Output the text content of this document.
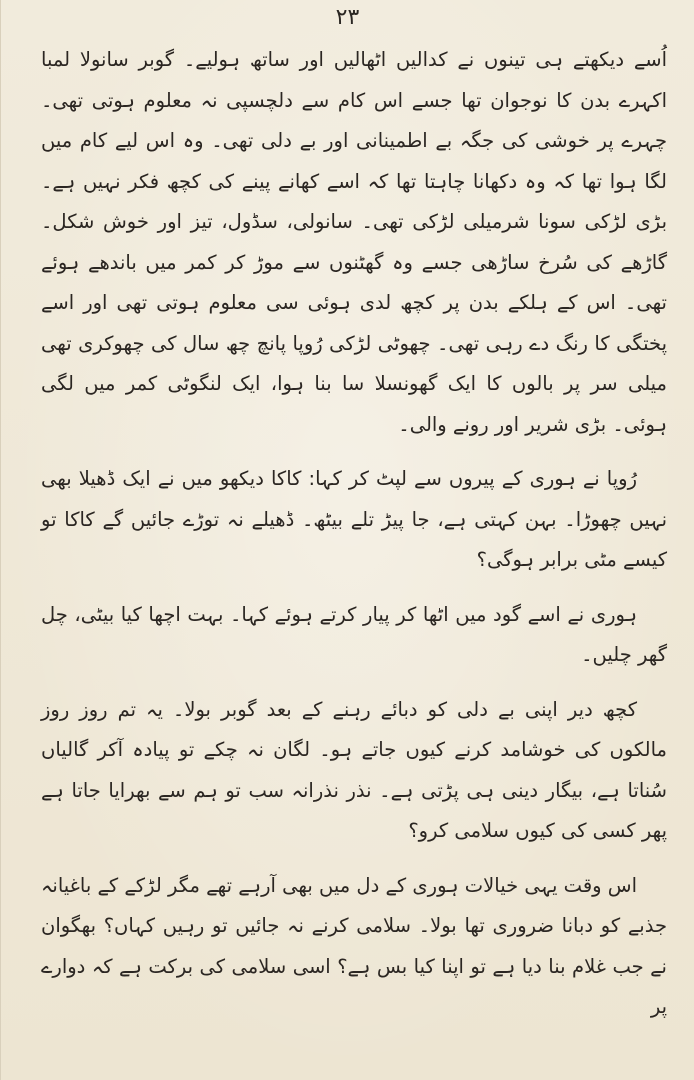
۲۳

اُسے دیکھتے ہی تینوں نے کدالیں اٹھالیں اور ساتھ ہولیے۔ گوبر سانولا لمبا اکہرے بدن کا نوجوان تھا جسے اس کام سے دلچسپی نہ معلوم ہوتی تھی۔ چہرے پر خوشی کی جگہ بے اطمینانی اور بے دلی تھی۔ وہ اس لیے کام میں لگا ہوا تھا کہ وہ دکھانا چاہتا تھا کہ اسے کھانے پینے کی کچھ فکر نہیں ہے۔ بڑی لڑکی سونا شرمیلی لڑکی تھی۔ سانولی، سڈول، تیز اور خوش شکل۔ گاڑھے کی سُرخ ساڑھی جسے وہ گھٹنوں سے موڑ کر کمر میں باندھے ہوئے تھی۔ اس کے ہلکے بدن پر کچھ لدی ہوئی سی معلوم ہوتی تھی اور اسے پختگی کا رنگ دے رہی تھی۔ چھوٹی لڑکی رُوپا پانچ چھ سال کی چھوکری تھی میلی سر پر بالوں کا ایک گھونسلا سا بنا ہوا، ایک لنگوٹی کمر میں لگی ہوئی۔ بڑی شریر اور رونے والی۔

رُوپا نے ہوری کے پیروں سے لپٹ کر کہا: کاکا دیکھو میں نے ایک ڈھیلا بھی نہیں چھوڑا۔ بہن کہتی ہے، جا پیڑ تلے بیٹھ۔ ڈھیلے نہ توڑے جائیں گے کاکا تو کیسے مٹی برابر ہوگی؟

ہوری نے اسے گود میں اٹھا کر پیار کرتے ہوئے کہا۔ بہت اچھا کیا بیٹی، چل گھر چلیں۔

کچھ دیر اپنی بے دلی کو دبائے رہنے کے بعد گوبر بولا۔ یہ تم روز روز مالکوں کی خوشامد کرنے کیوں جاتے ہو۔ لگان نہ چکے تو پیادہ آکر گالیاں سُناتا ہے، بیگار دینی ہی پڑتی ہے۔ نذر نذرانہ سب تو ہم سے بھرایا جاتا ہے پھر کسی کی کیوں سلامی کرو؟

اس وقت یہی خیالات ہوری کے دل میں بھی آرہے تھے مگر لڑکے کے باغیانہ جذبے کو دبانا ضروری تھا بولا۔ سلامی کرنے نہ جائیں تو رہیں کہاں؟ بھگوان نے جب غلام بنا دیا ہے تو اپنا کیا بس ہے؟ اسی سلامی کی برکت ہے کہ دوارے پر
